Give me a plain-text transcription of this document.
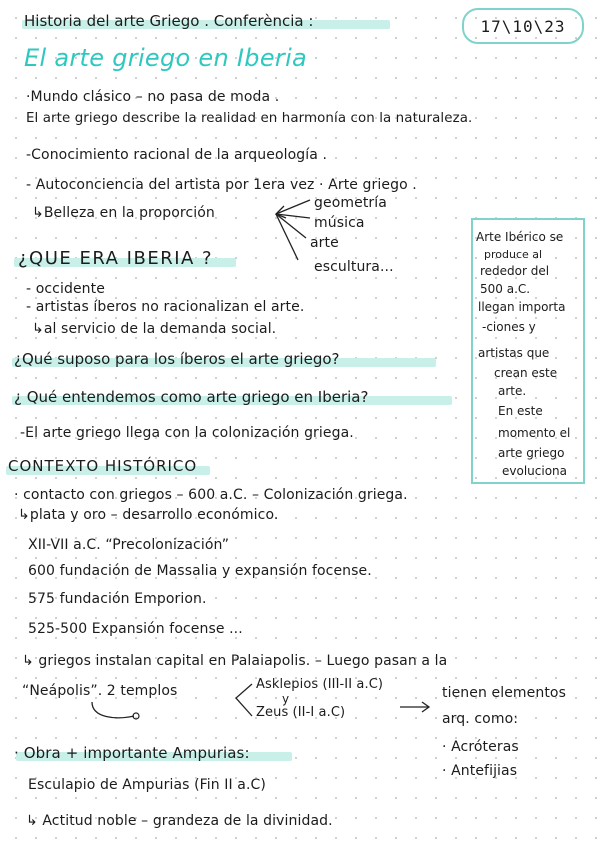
Historia del arte Griego . Conferència :	17\10\23
El arte griego en Iberia
·Mundo clásico – no pasa de moda .
El arte griego describe la realidad en harmonía con la naturaleza.
-Conocimiento racional de la arqueología .
- Autoconciencia del artista por 1era vez · Arte griego .
↳Belleza en la proporción
geometría
música
arte
escultura...
¿QUE ERA IBERIA ?
- occidente
- artistas íberos no racionalizan el arte.
↳al servicio de la demanda social.
¿Qué suposo para los íberos el arte griego?
¿ Qué entendemos como arte griego en Iberia?
-El arte griego llega con la colonización griega.
Arte Ibérico se
produce al
rededor del
500 a.C.
llegan importa
-ciones y
artistas que
crean este
arte.
En este
momento el
arte griego
evoluciona
CONTEXTO HISTÓRICO
· contacto con griegos – 600 a.C. – Colonización griega.
↳plata y oro – desarrollo económico.
XII-VII a.C. “Precolonización”
600 fundación de Massalia y expansión focense.
575 fundación Emporion.
525-500 Expansión focense ...
↳ griegos instalan capital en Palaiapolis. – Luego pasan a la
“Neápolis”. 2 templos	Asklepios (III-II a.C)
y
Zeus (II-I a.C)
tienen elementos
arq. como:
· Acróteras
· Antefijias
· Obra + importante Ampurias:
Esculapio de Ampurias (Fin II a.C)
↳ Actitud noble – grandeza de la divinidad.
